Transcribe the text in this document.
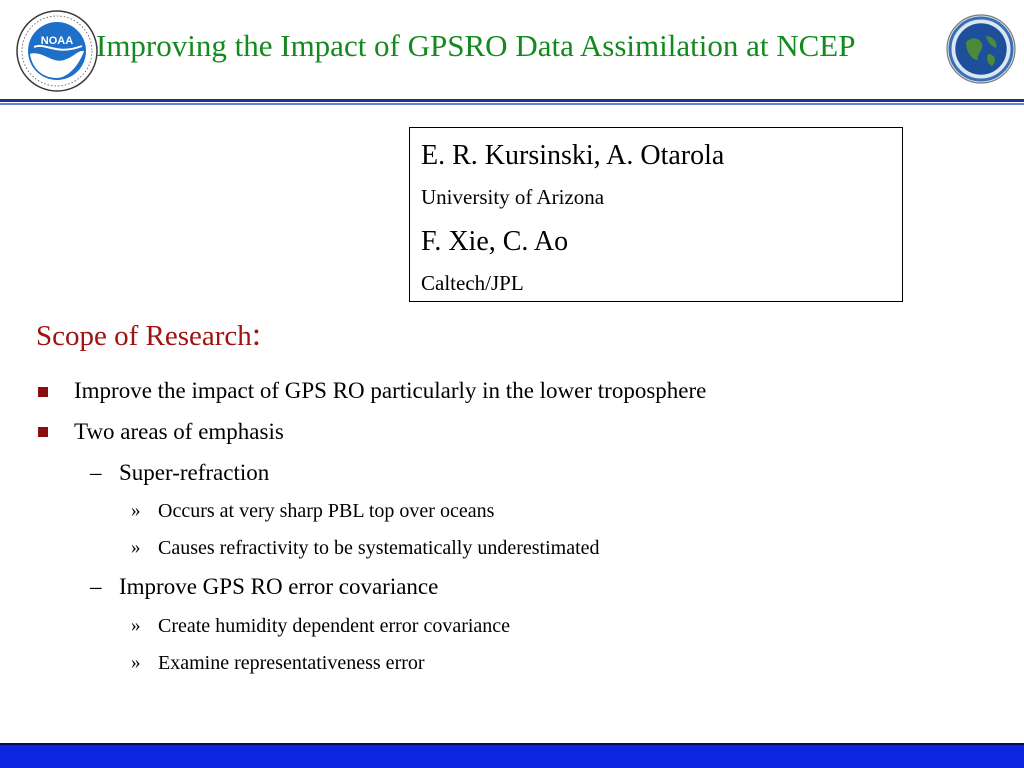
NOAA Improving the Impact of GPSRO Data Assimilation at NCEP
E. R. Kursinski, A. Otarola
University of Arizona
F. Xie, C. Ao
Caltech/JPL
Scope of Research:
Improve the impact of GPS RO particularly in the lower troposphere
Two areas of emphasis
– Super-refraction
» Occurs at very sharp PBL top over oceans
» Causes refractivity to be systematically underestimated
– Improve GPS RO error covariance
» Create humidity dependent error covariance
» Examine representativeness error
